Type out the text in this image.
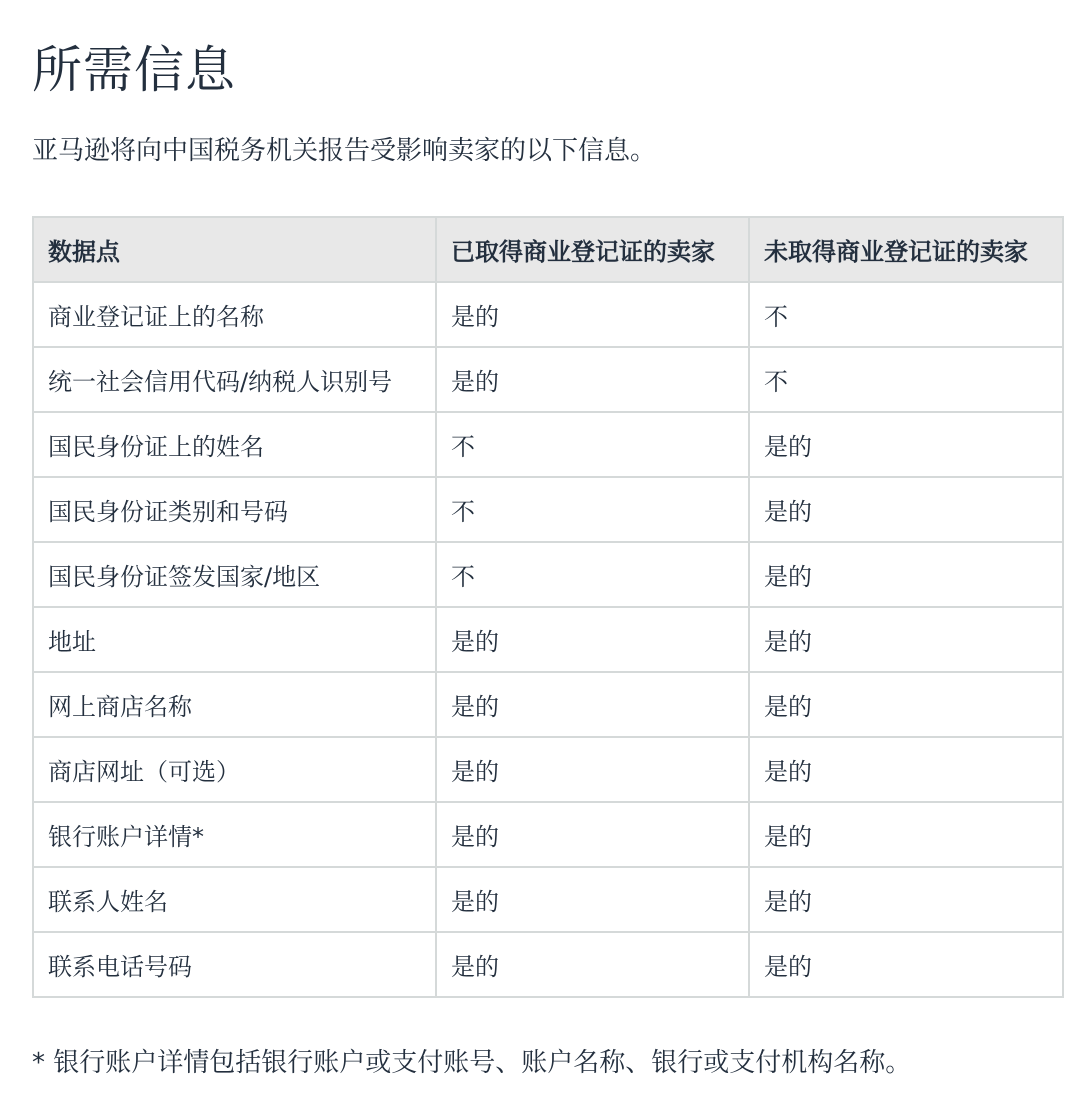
所需信息

亚马逊将向中国税务机关报告受影响卖家的以下信息。

数据点	已取得商业登记证的卖家	未取得商业登记证的卖家
商业登记证上的名称	是的	不
统一社会信用代码/纳税人识别号	是的	不
国民身份证上的姓名	不	是的
国民身份证类别和号码	不	是的
国民身份证签发国家/地区	不	是的
地址	是的	是的
网上商店名称	是的	是的
商店网址（可选）	是的	是的
银行账户详情*	是的	是的
联系人姓名	是的	是的
联系电话号码	是的	是的

* 银行账户详情包括银行账户或支付账号、账户名称、银行或支付机构名称。
